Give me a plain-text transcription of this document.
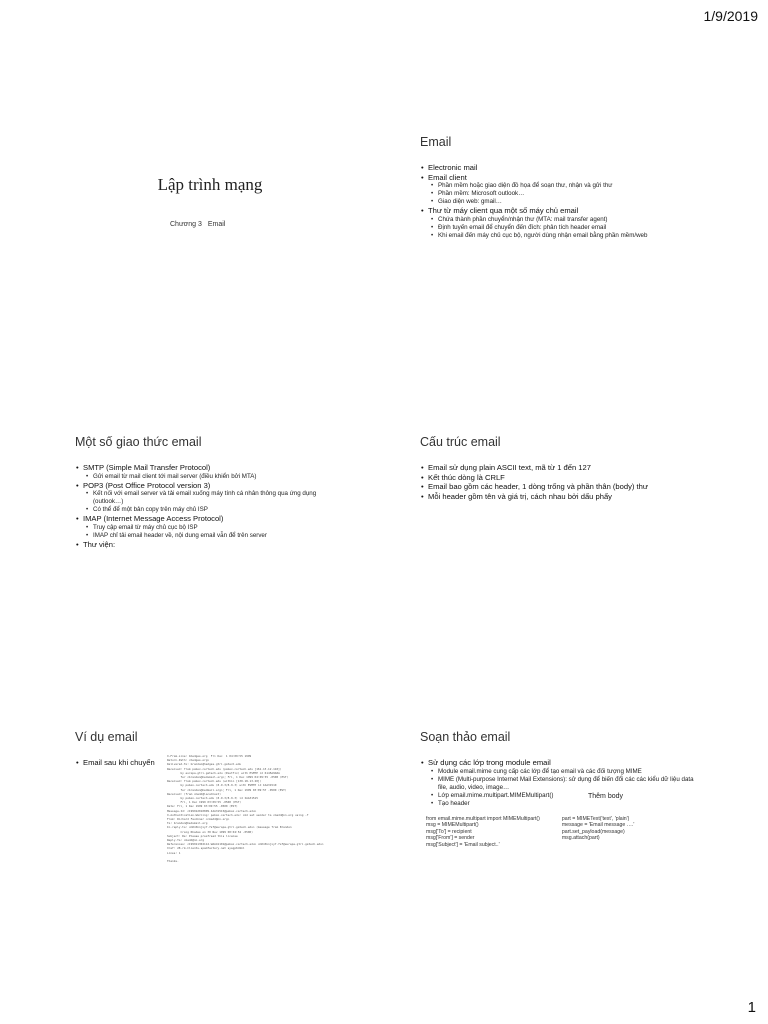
1/9/2019
Lập trình mạng
Chương 3 Email
Email
• Electronic mail
• Email client
• Phần mềm hoặc giao diện đồ họa để soạn thư, nhận và gửi thư
• Phần mềm: Microsoft outlook…
• Giao diện web: gmail…
• Thư từ máy client qua một số máy chủ email
• Chứa thành phần chuyển/nhận thư (MTA: mail transfer agent)
• Định tuyến email để chuyển đến đích: phân tích header email
• Khi email đến máy chủ cục bộ, người dùng nhận email bằng phần mềm/web
Một số giao thức email
• SMTP (Simple Mail Transfer Protocol)
• Gửi email từ mail client tới mail server (điều khiển bởi MTA)
• POP3 (Post Office Protocol version 3)
• Kết nối với email server và tải email xuống máy tính cá nhân thông qua ứng dụng (outlook…)
• Có thể để một bản copy trên máy chủ ISP
• IMAP (Internet Message Access Protocol)
• Truy cập email từ máy chủ cục bộ ISP
• IMAP chỉ tải email header về, nội dung email vẫn để trên server
• Thư viện:
Cấu trúc email
• Email sử dụng plain ASCII text, mã từ 1 đến 127
• Kết thúc dòng là CRLF
• Email bao gồm các header, 1 dòng trống và phần thân (body) thư
• Mỗi header gồm tên và giá trị, cách nhau bởi dấu phẩy
Ví dụ email
• Email sau khi chuyển
X-From-Line: bhedges.org  Fri Dec  1 04:09:55 1999
Return-Path: <hedges.org>
Delivered-To: brandon@hedges.gtri.gatech.edu
Received: from pobox.cortech.edu (pobox.cortech.edu [161.13.12.110])
by europa.gtri.gatech.edu (Postfix) with ESMTP id 6145A9A0A
for <brandon@hedsmail.org>; Fri, 1 Dec 1999 04:09:55 -0500 (EST)
Received: from pobox.cortech.edu (within [130.18.13.20])
by pobox.cortech.edu (8.9.3/8.9.3) with ESMTP id IAA31510
for <brandon@hedmail.org>; Fri, 1 Dec 1999 03:09:57 -0500 (EST)
Received: (from cmadd@localhost)
by pobox.cortech.edu (8.9.3/8.9.3) id IAA31515
Fri, 1 Dec 1999 03:09:55 -0500 (EST)
Date: Fri, 1 Dec 1999 03:09:55 -0500 (EST)
Message-Id: <199912010809.IAA31515@pobox.cortech.edu>
X-Authentication-Warning: pobox.cortech.edu: cmd set sender to cmadd@nn.org using -f
From: Richard Faulkner <cmadd@nn.org>
To: brandon@hedsmail.org
In-reply-to: <m0n5knjxy7.fsf@europa.gtri.gatech.edu> (message from Brandon
Craig Rhodes on 30 Nov 1999 00:04:54 -0500)
Subject: Re: Please proofread this license
Reply-To: cmadd@nn.org
References: <199911302112.WAA41101@pobox.cortech.edu> <m0n5knjxy7.fsf@europa.gtri.gatech.edu>
Xref: 28.rm.Clients.spamfactory.net sysgp6n9kl
Lines: 1

Thanks.
Soạn thảo email
• Sử dụng các lớp trong module email
• Module email.mime cung cấp các lớp để tạo email và các đối tượng MIME
• MIME (Multi-purpose Internet Mail Extensions): sử dụng để biến đổi các các kiểu dữ liệu data file, audio, video, image…
• Lớp email.mime.multipart.MIMEMultipart()
• Tạo header
Thêm body
from email.mime.multipart import MIMEMultipart()
msg = MIMEMultipart()
msg['To'] = recipient
msg['From'] = sender
msg['Subject'] = 'Email subject..'
part = MIMEText('text', 'plain')
message = 'Email message ….'
part.set_payload(message)
msg.attach(part)
1
